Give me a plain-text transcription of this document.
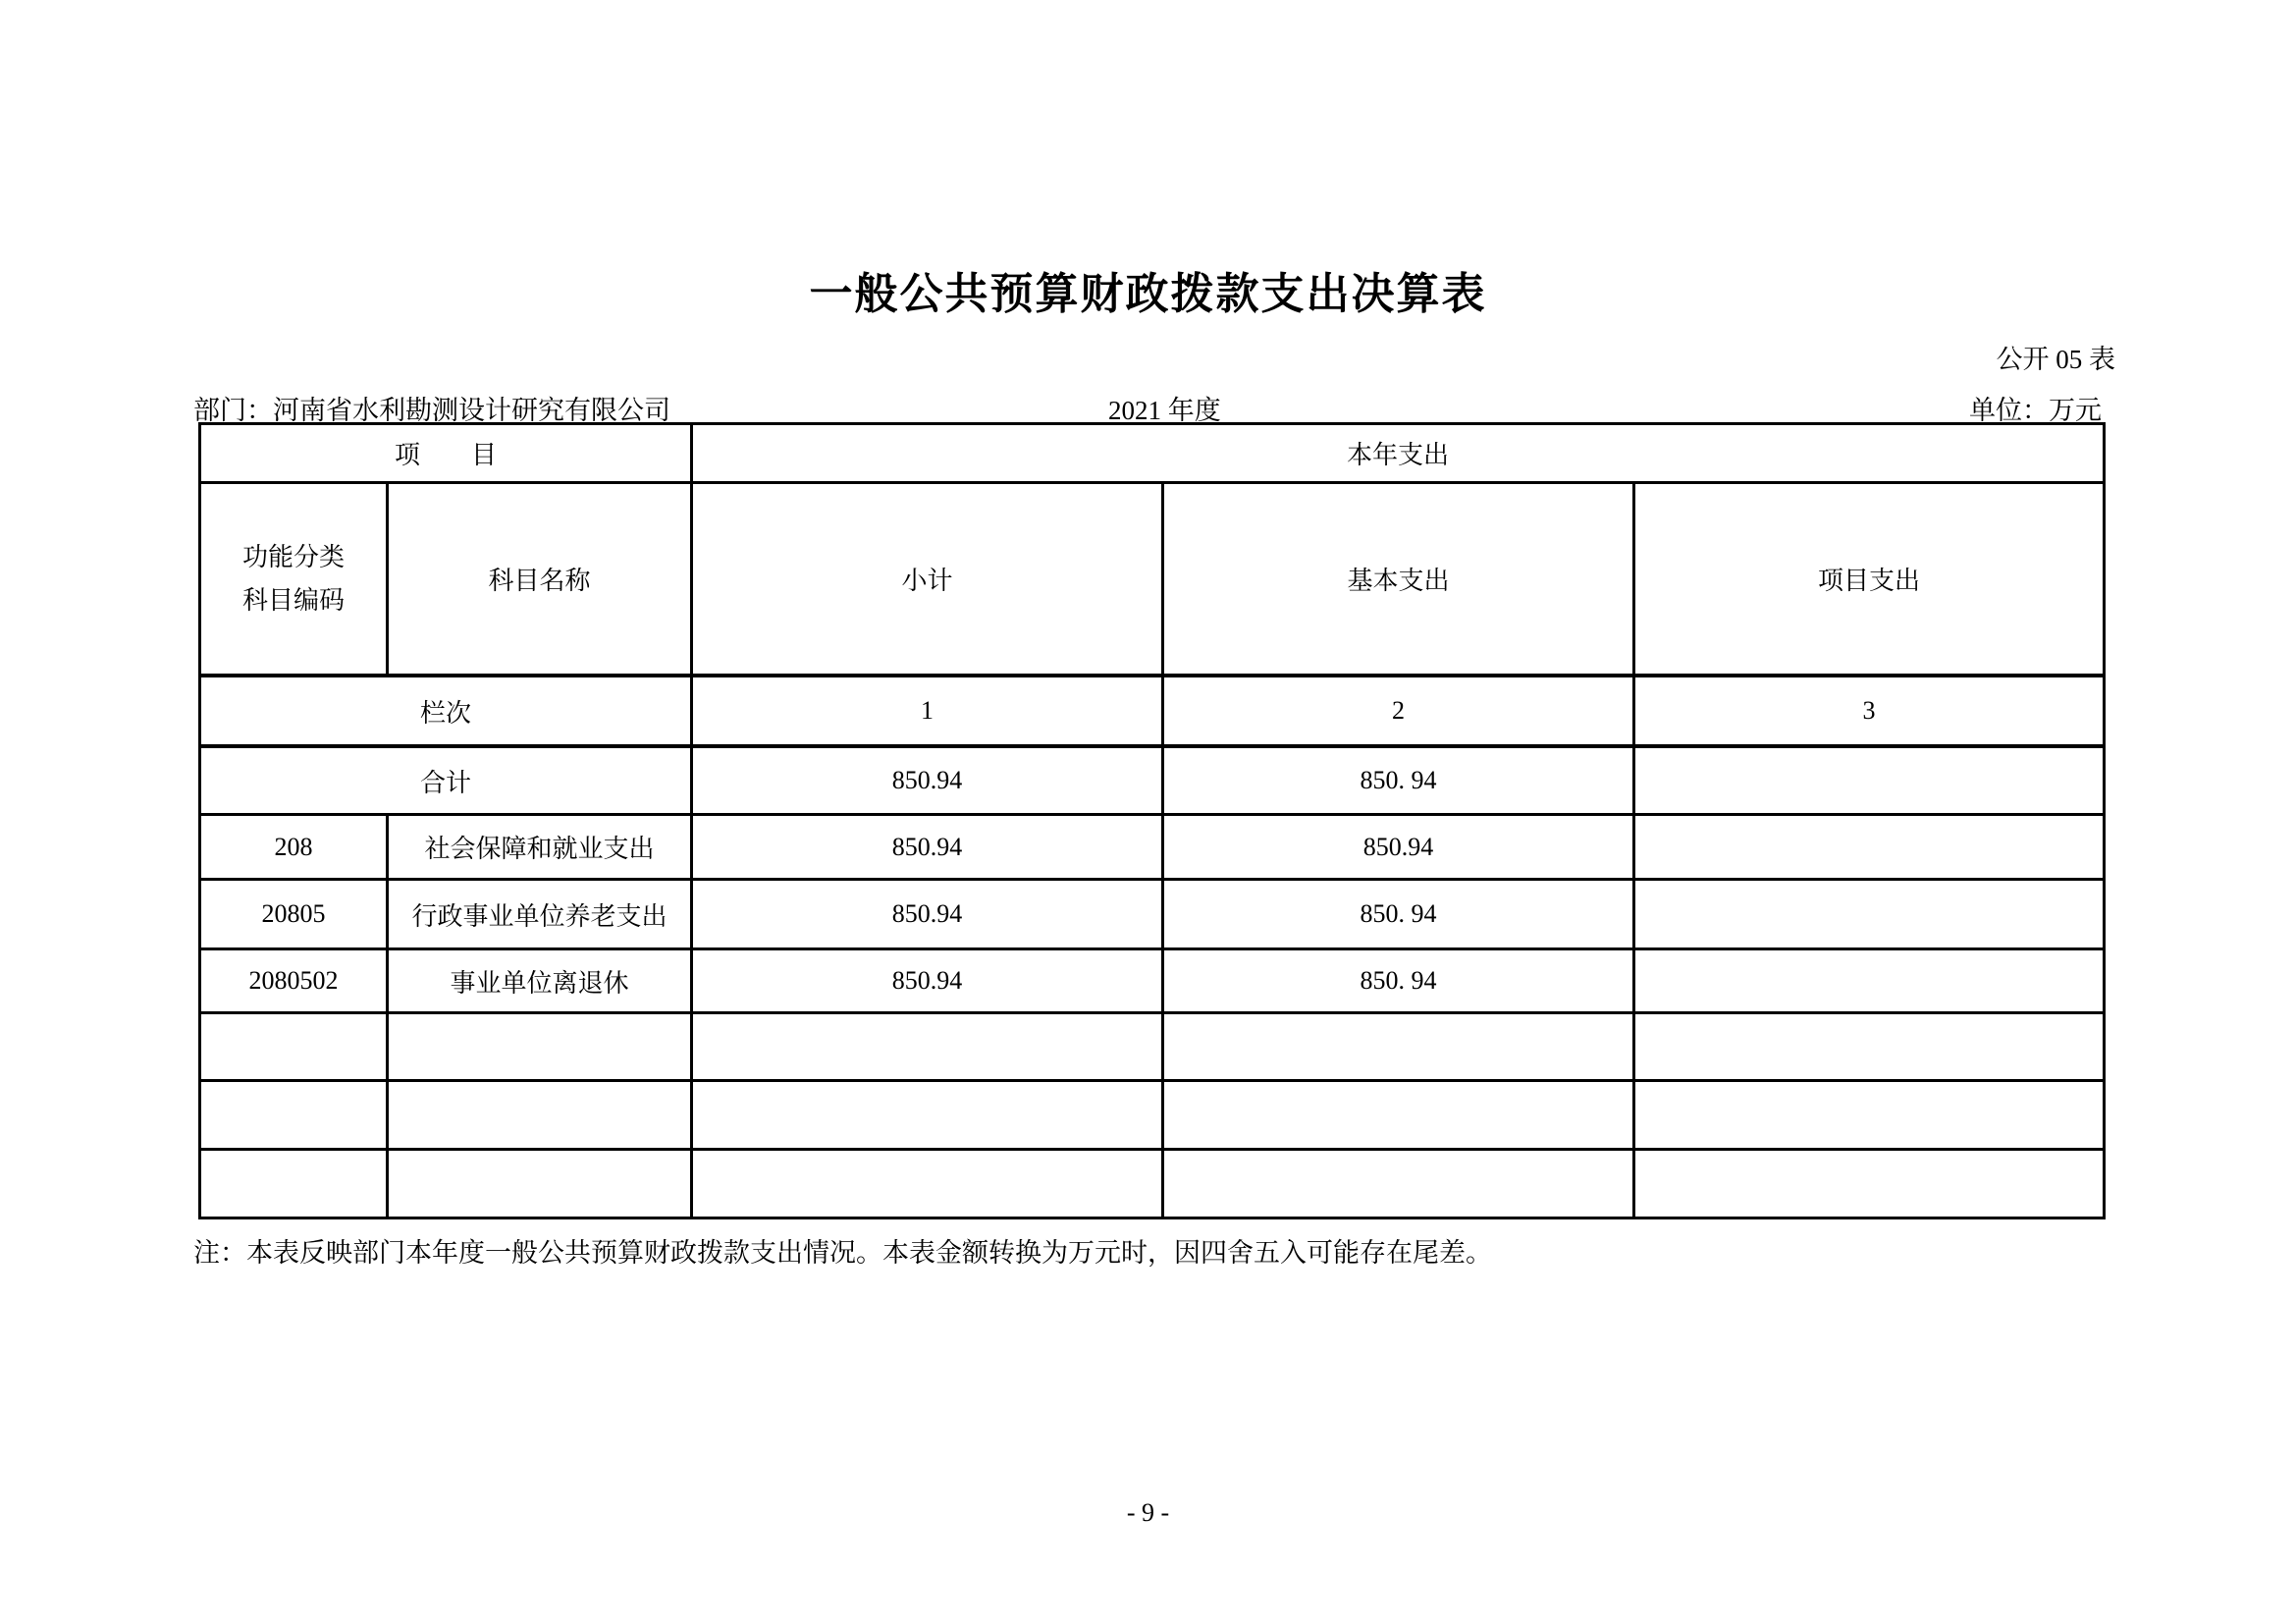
一般公共预算财政拨款支出决算表
公开 05 表
部门：河南省水利勘测设计研究有限公司	2021 年度	单位：万元
项　　目		本年支出		

功能分类
科目编码	科目名称	小计	基本支出	项目支出
栏次		1	2	3
合计		850.94	850. 94	
208	社会保障和就业支出	850.94	850.94	
20805	行政事业单位养老支出	850.94	850. 94	
2080502	事业单位离退休	850.94	850. 94	

注：本表反映部门本年度一般公共预算财政拨款支出情况。本表金额转换为万元时，因四舍五入可能存在尾差。
- 9 -
